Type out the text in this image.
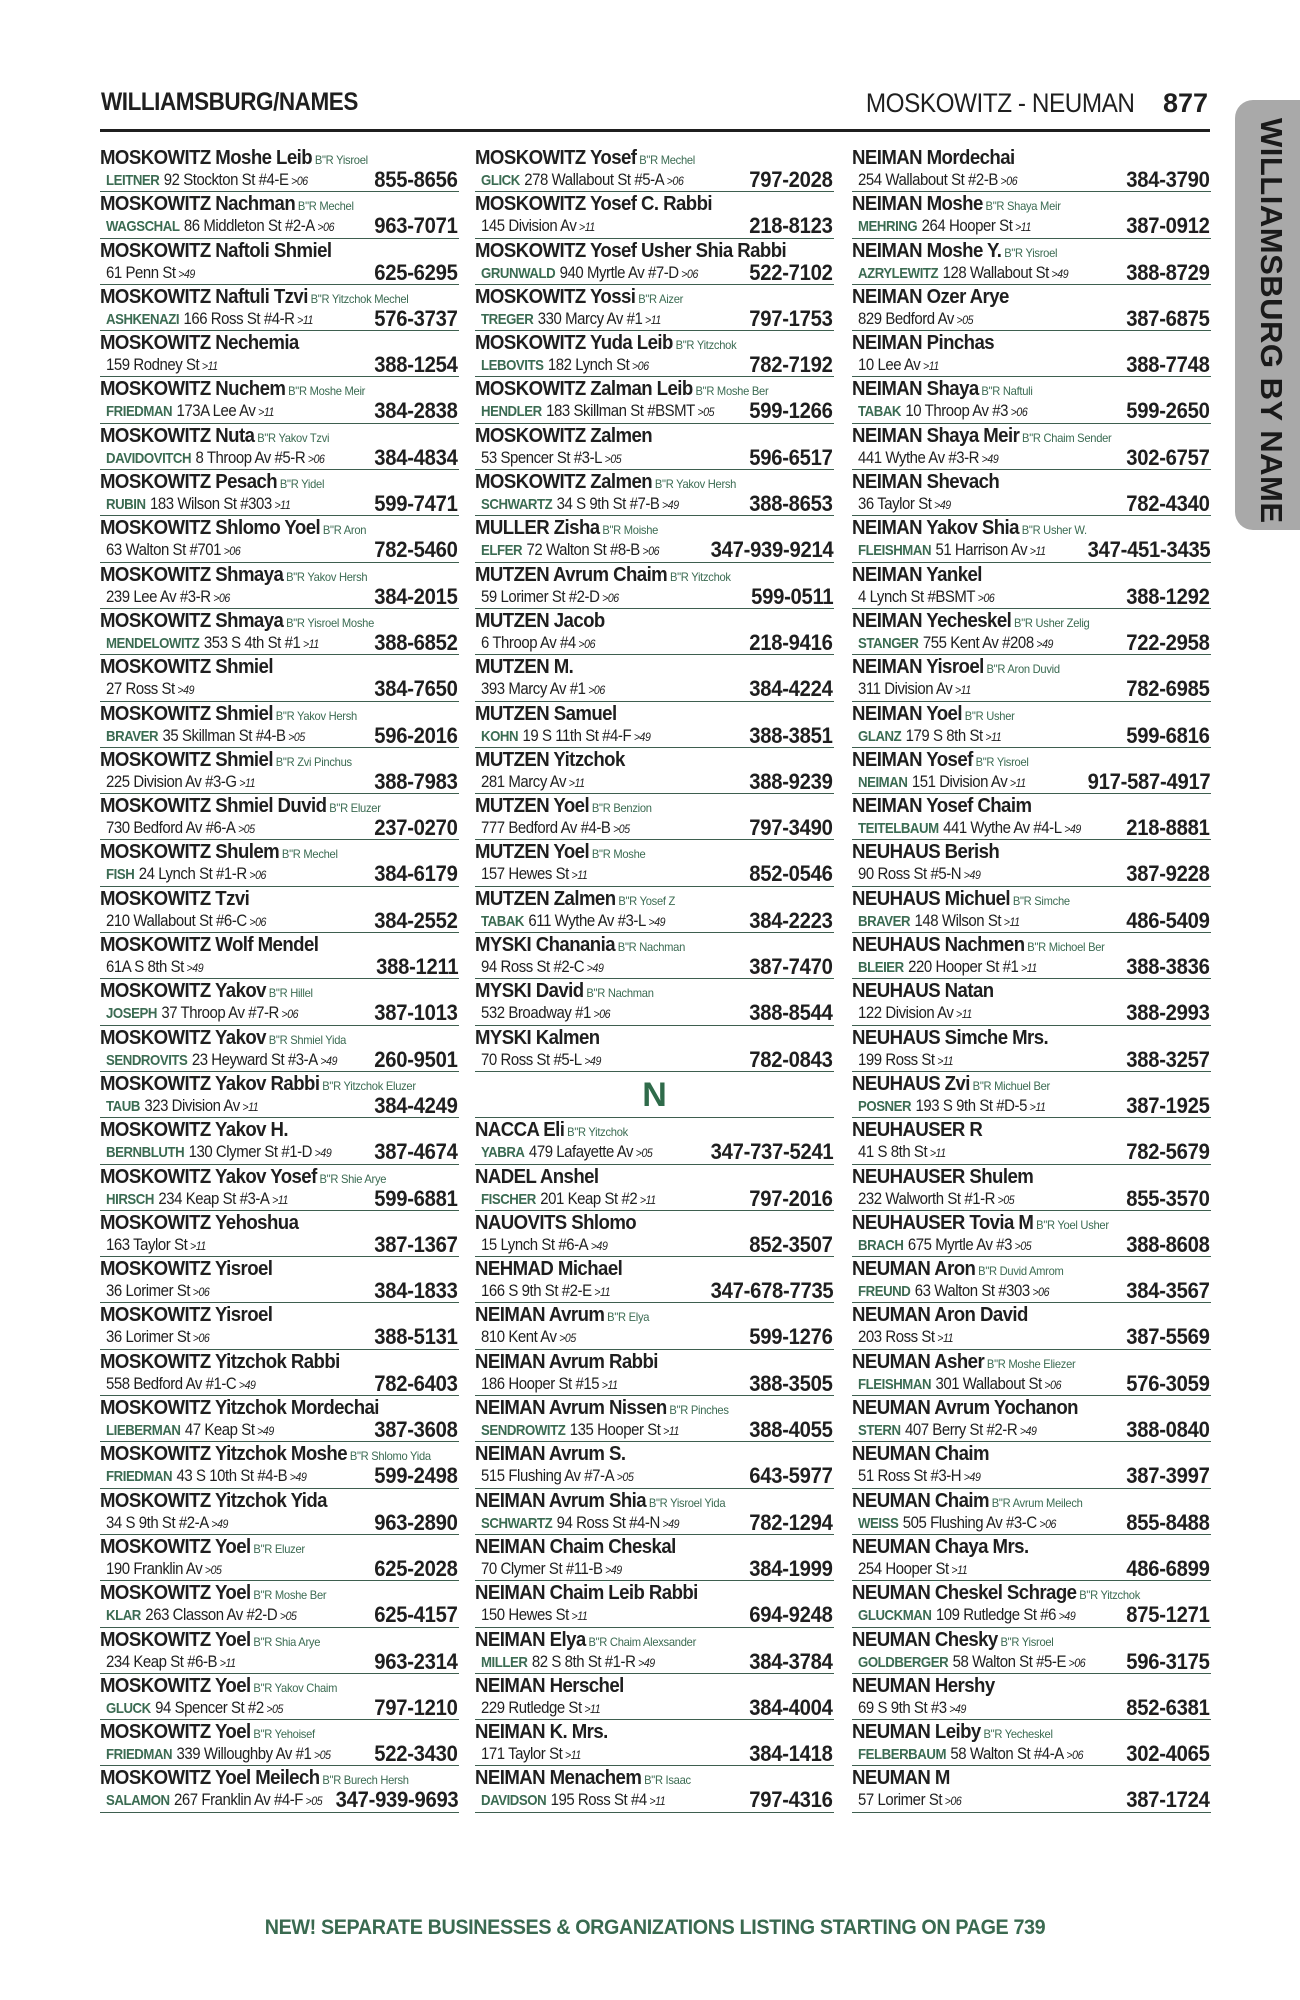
WILLIAMSBURG/NAMES	MOSKOWITZ - NEUMAN 877
WILLIAMSBURG BY NAME
MOSKOWITZ Moshe Leib B"R Yisroel
LEITNER 92 Stockton St #4-E >06	855-8656
MOSKOWITZ Nachman B"R Mechel
WAGSCHAL 86 Middleton St #2-A >06 963-7071
MOSKOWITZ Naftoli Shmiel
61 Penn St >49	625-6295
MOSKOWITZ Naftuli Tzvi B"R Yitzchok Mechel
ASHKENAZI 166 Ross St #4-R >11	576-3737
MOSKOWITZ Nechemia
159 Rodney St >11	388-1254
MOSKOWITZ Nuchem B"R Moshe Meir
FRIEDMAN 173A Lee Av >11	384-2838
MOSKOWITZ Nuta B"R Yakov Tzvi
DAVIDOVITCH 8 Throop Av #5-R >06 384-4834
MOSKOWITZ Pesach B"R Yidel
RUBIN 183 Wilson St #303 >11	599-7471
MOSKOWITZ Shlomo Yoel B"R Aron
63 Walton St #701 >06	782-5460
MOSKOWITZ Shmaya B"R Yakov Hersh
239 Lee Av #3-R >06	384-2015
MOSKOWITZ Shmaya B"R Yisroel Moshe
MENDELOWITZ 353 S 4th St #1 >11	388-6852
MOSKOWITZ Shmiel
27 Ross St >49	384-7650
MOSKOWITZ Shmiel B"R Yakov Hersh
BRAVER 35 Skillman St #4-B >05	596-2016
MOSKOWITZ Shmiel B"R Zvi Pinchus
225 Division Av #3-G >11	388-7983
MOSKOWITZ Shmiel Duvid B"R Eluzer
730 Bedford Av #6-A >05	237-0270
MOSKOWITZ Shulem B"R Mechel
FISH 24 Lynch St #1-R >06	384-6179
MOSKOWITZ Tzvi
210 Wallabout St #6-C >06	384-2552
MOSKOWITZ Wolf Mendel
61A S 8th St >49	388-1211
MOSKOWITZ Yakov B"R Hillel
JOSEPH 37 Throop Av #7-R >06	387-1013
MOSKOWITZ Yakov B"R Shmiel Yida
SENDROVITS 23 Heyward St #3-A >49 260-9501
MOSKOWITZ Yakov Rabbi B"R Yitzchok Eluzer
TAUB 323 Division Av >11	384-4249
MOSKOWITZ Yakov H.
BERNBLUTH 130 Clymer St #1-D >49 387-4674
MOSKOWITZ Yakov Yosef B"R Shie Arye
HIRSCH 234 Keap St #3-A >11	599-6881
MOSKOWITZ Yehoshua
163 Taylor St >11	387-1367
MOSKOWITZ Yisroel
36 Lorimer St >06	384-1833
MOSKOWITZ Yisroel
36 Lorimer St >06	388-5131
MOSKOWITZ Yitzchok Rabbi
558 Bedford Av #1-C >49	782-6403
MOSKOWITZ Yitzchok Mordechai
LIEBERMAN 47 Keap St >49	387-3608
MOSKOWITZ Yitzchok Moshe B"R Shlomo Yida
FRIEDMAN 43 S 10th St #4-B >49	599-2498
MOSKOWITZ Yitzchok Yida
34 S 9th St #2-A >49	963-2890
MOSKOWITZ Yoel B"R Eluzer
190 Franklin Av >05	625-2028
MOSKOWITZ Yoel B"R Moshe Ber
KLAR 263 Classon Av #2-D >05	625-4157
MOSKOWITZ Yoel B"R Shia Arye
234 Keap St #6-B >11	963-2314
MOSKOWITZ Yoel B"R Yakov Chaim
GLUCK 94 Spencer St #2 >05	797-1210
MOSKOWITZ Yoel B"R Yehoisef
FRIEDMAN 339 Willoughby Av #1 >05 522-3430
MOSKOWITZ Yoel Meilech B"R Burech Hersh
SALAMON 267 Franklin Av #4-F >05 347-939-9693
MOSKOWITZ Yosef B"R Mechel
GLICK 278 Wallabout St #5-A >06	797-2028
MOSKOWITZ Yosef C. Rabbi
145 Division Av >11	218-8123
MOSKOWITZ Yosef Usher Shia Rabbi
GRUNWALD 940 Myrtle Av #7-D >06 522-7102
MOSKOWITZ Yossi B"R Aizer
TREGER 330 Marcy Av #1 >11	797-1753
MOSKOWITZ Yuda Leib B"R Yitzchok
LEBOVITS 182 Lynch St >06	782-7192
MOSKOWITZ Zalman Leib B"R Moshe Ber
HENDLER 183 Skillman St #BSMT >05 599-1266
MOSKOWITZ Zalmen
53 Spencer St #3-L >05	596-6517
MOSKOWITZ Zalmen B"R Yakov Hersh
SCHWARTZ 34 S 9th St #7-B >49	388-8653
MULLER Zisha B"R Moishe
ELFER 72 Walton St #8-B >06 347-939-9214
MUTZEN Avrum Chaim B"R Yitzchok
59 Lorimer St #2-D >06	599-0511
MUTZEN Jacob
6 Throop Av #4 >06	218-9416
MUTZEN M.
393 Marcy Av #1 >06	384-4224
MUTZEN Samuel
KOHN 19 S 11th St #4-F >49	388-3851
MUTZEN Yitzchok
281 Marcy Av >11	388-9239
MUTZEN Yoel B"R Benzion
777 Bedford Av #4-B >05	797-3490
MUTZEN Yoel B"R Moshe
157 Hewes St >11	852-0546
MUTZEN Zalmen B"R Yosef Z
TABAK 611 Wythe Av #3-L >49	384-2223
MYSKI Chanania B"R Nachman
94 Ross St #2-C >49	387-7470
MYSKI David B"R Nachman
532 Broadway #1 >06	388-8544
MYSKI Kalmen
70 Ross St #5-L >49	782-0843
N
NACCA Eli B"R Yitzchok
YABRA 479 Lafayette Av >05	347-737-5241
NADEL Anshel
FISCHER 201 Keap St #2 >11	797-2016
NAUOVITS Shlomo
15 Lynch St #6-A >49	852-3507
NEHMAD Michael
166 S 9th St #2-E >11	347-678-7735
NEIMAN Avrum B"R Elya
810 Kent Av >05	599-1276
NEIMAN Avrum Rabbi
186 Hooper St #15 >11	388-3505
NEIMAN Avrum Nissen B"R Pinches
SENDROWITZ 135 Hooper St >11	388-4055
NEIMAN Avrum S.
515 Flushing Av #7-A >05	643-5977
NEIMAN Avrum Shia B"R Yisroel Yida
SCHWARTZ 94 Ross St #4-N >49	782-1294
NEIMAN Chaim Cheskal
70 Clymer St #11-B >49	384-1999
NEIMAN Chaim Leib Rabbi
150 Hewes St >11	694-9248
NEIMAN Elya B"R Chaim Alexsander
MILLER 82 S 8th St #1-R >49	384-3784
NEIMAN Herschel
229 Rutledge St >11	384-4004
NEIMAN K. Mrs.
171 Taylor St >11	384-1418
NEIMAN Menachem B"R Isaac
DAVIDSON 195 Ross St #4 >11	797-4316
NEIMAN Mordechai
254 Wallabout St #2-B >06	384-3790
NEIMAN Moshe B"R Shaya Meir
MEHRING 264 Hooper St >11	387-0912
NEIMAN Moshe Y. B"R Yisroel
AZRYLEWITZ 128 Wallabout St >49	388-8729
NEIMAN Ozer Arye
829 Bedford Av >05	387-6875
NEIMAN Pinchas
10 Lee Av >11	388-7748
NEIMAN Shaya B"R Naftuli
TABAK 10 Throop Av #3 >06	599-2650
NEIMAN Shaya Meir B"R Chaim Sender
441 Wythe Av #3-R >49	302-6757
NEIMAN Shevach
36 Taylor St >49	782-4340
NEIMAN Yakov Shia B"R Usher W.
FLEISHMAN 51 Harrison Av >11 347-451-3435
NEIMAN Yankel
4 Lynch St #BSMT >06	388-1292
NEIMAN Yecheskel B"R Usher Zelig
STANGER 755 Kent Av #208 >49	722-2958
NEIMAN Yisroel B"R Aron Duvid
311 Division Av >11	782-6985
NEIMAN Yoel B"R Usher
GLANZ 179 S 8th St >11	599-6816
NEIMAN Yosef B"R Yisroel
NEIMAN 151 Division Av >11	917-587-4917
NEIMAN Yosef Chaim
TEITELBAUM 441 Wythe Av #4-L >49 218-8881
NEUHAUS Berish
90 Ross St #5-N >49	387-9228
NEUHAUS Michuel B"R Simche
BRAVER 148 Wilson St >11	486-5409
NEUHAUS Nachmen B"R Michoel Ber
BLEIER 220 Hooper St #1 >11	388-3836
NEUHAUS Natan
122 Division Av >11	388-2993
NEUHAUS Simche Mrs.
199 Ross St >11	388-3257
NEUHAUS Zvi B"R Michuel Ber
POSNER 193 S 9th St #D-5 >11	387-1925
NEUHAUSER R
41 S 8th St >11	782-5679
NEUHAUSER Shulem
232 Walworth St #1-R >05	855-3570
NEUHAUSER Tovia M B"R Yoel Usher
BRACH 675 Myrtle Av #3 >05	388-8608
NEUMAN Aron B"R Duvid Amrom
FREUND 63 Walton St #303 >06	384-3567
NEUMAN Aron David
203 Ross St >11	387-5569
NEUMAN Asher B"R Moshe Eliezer
FLEISHMAN 301 Wallabout St >06	576-3059
NEUMAN Avrum Yochanon
STERN 407 Berry St #2-R >49	388-0840
NEUMAN Chaim
51 Ross St #3-H >49	387-3997
NEUMAN Chaim B"R Avrum Meilech
WEISS 505 Flushing Av #3-C >06	855-8488
NEUMAN Chaya Mrs.
254 Hooper St >11	486-6899
NEUMAN Cheskel Schrage B"R Yitzchok
GLUCKMAN 109 Rutledge St #6 >49 875-1271
NEUMAN Chesky B"R Yisroel
GOLDBERGER 58 Walton St #5-E >06 596-3175
NEUMAN Hershy
69 S 9th St #3 >49	852-6381
NEUMAN Leiby B"R Yecheskel
FELBERBAUM 58 Walton St #4-A >06 302-4065
NEUMAN M
57 Lorimer St >06	387-1724
NEW! SEPARATE BUSINESSES & ORGANIZATIONS LISTING STARTING ON PAGE 739
